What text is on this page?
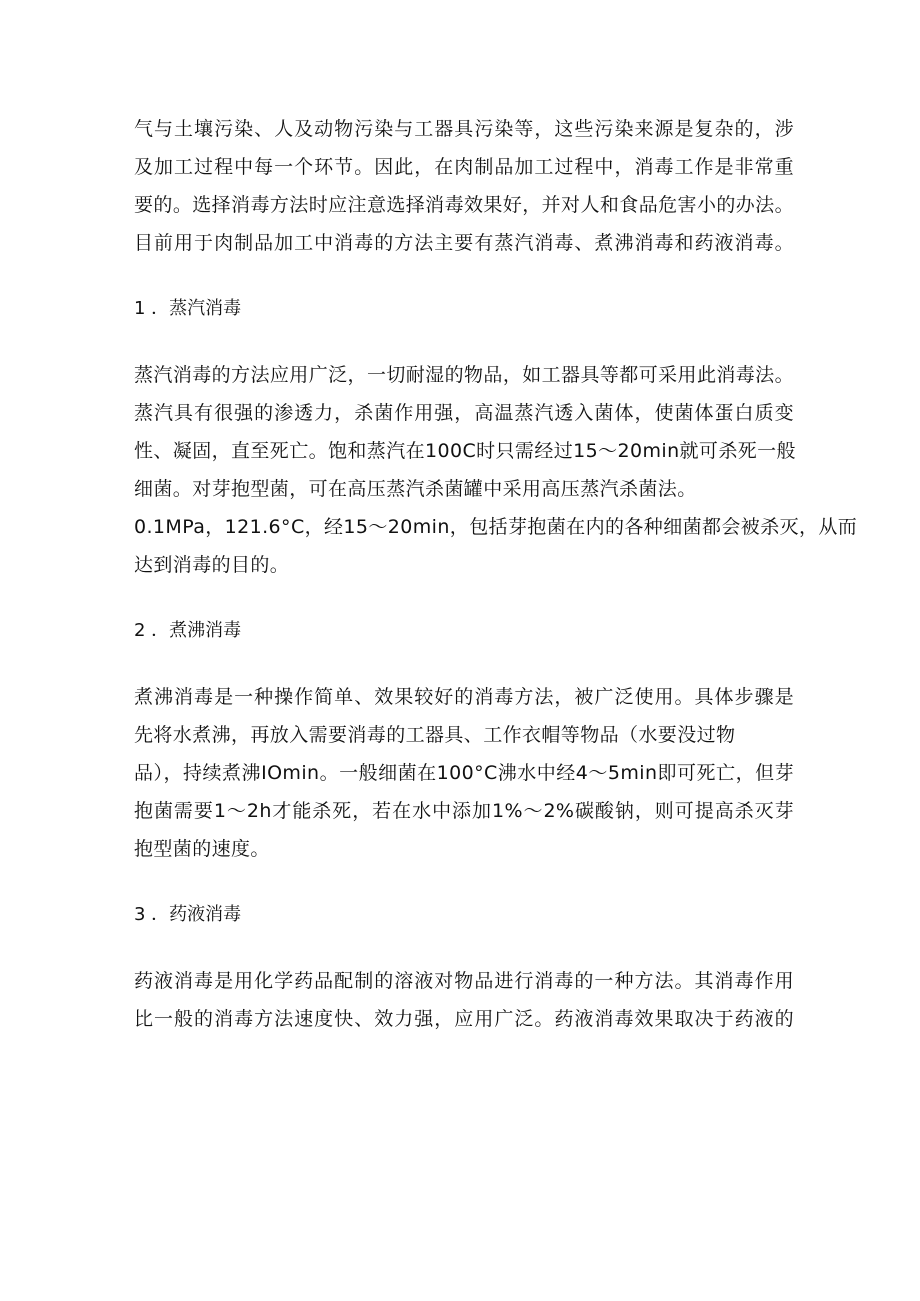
气与土壤污染、人及动物污染与工器具污染等，这些污染来源是复杂的，涉
及加工过程中每一个环节。因此，在肉制品加工过程中，消毒工作是非常重
要的。选择消毒方法时应注意选择消毒效果好，并对人和食品危害小的办法。
目前用于肉制品加工中消毒的方法主要有蒸汽消毒、煮沸消毒和药液消毒。
1 ．蒸汽消毒
蒸汽消毒的方法应用广泛，一切耐湿的物品，如工器具等都可采用此消毒法。
蒸汽具有很强的渗透力，杀菌作用强，高温蒸汽透入菌体，使菌体蛋白质变
性、凝固，直至死亡。饱和蒸汽在100C时只需经过15～20min就可杀死一般
细菌。对芽抱型菌，可在高压蒸汽杀菌罐中采用高压蒸汽杀菌法。
0.1MPa，121.6°C，经15～20min，包括芽抱菌在内的各种细菌都会被杀灭，从而
达到消毒的目的。
2 ．煮沸消毒
煮沸消毒是一种操作简单、效果较好的消毒方法，被广泛使用。具体步骤是
先将水煮沸，再放入需要消毒的工器具、工作衣帽等物品（水要没过物
品），持续煮沸IOmin。一般细菌在100°C沸水中经4～5min即可死亡，但芽
抱菌需要1～2h才能杀死，若在水中添加1%～2%碳酸钠，则可提高杀灭芽
抱型菌的速度。
3 ．药液消毒
药液消毒是用化学药品配制的溶液对物品进行消毒的一种方法。其消毒作用
比一般的消毒方法速度快、效力强，应用广泛。药液消毒效果取决于药液的
